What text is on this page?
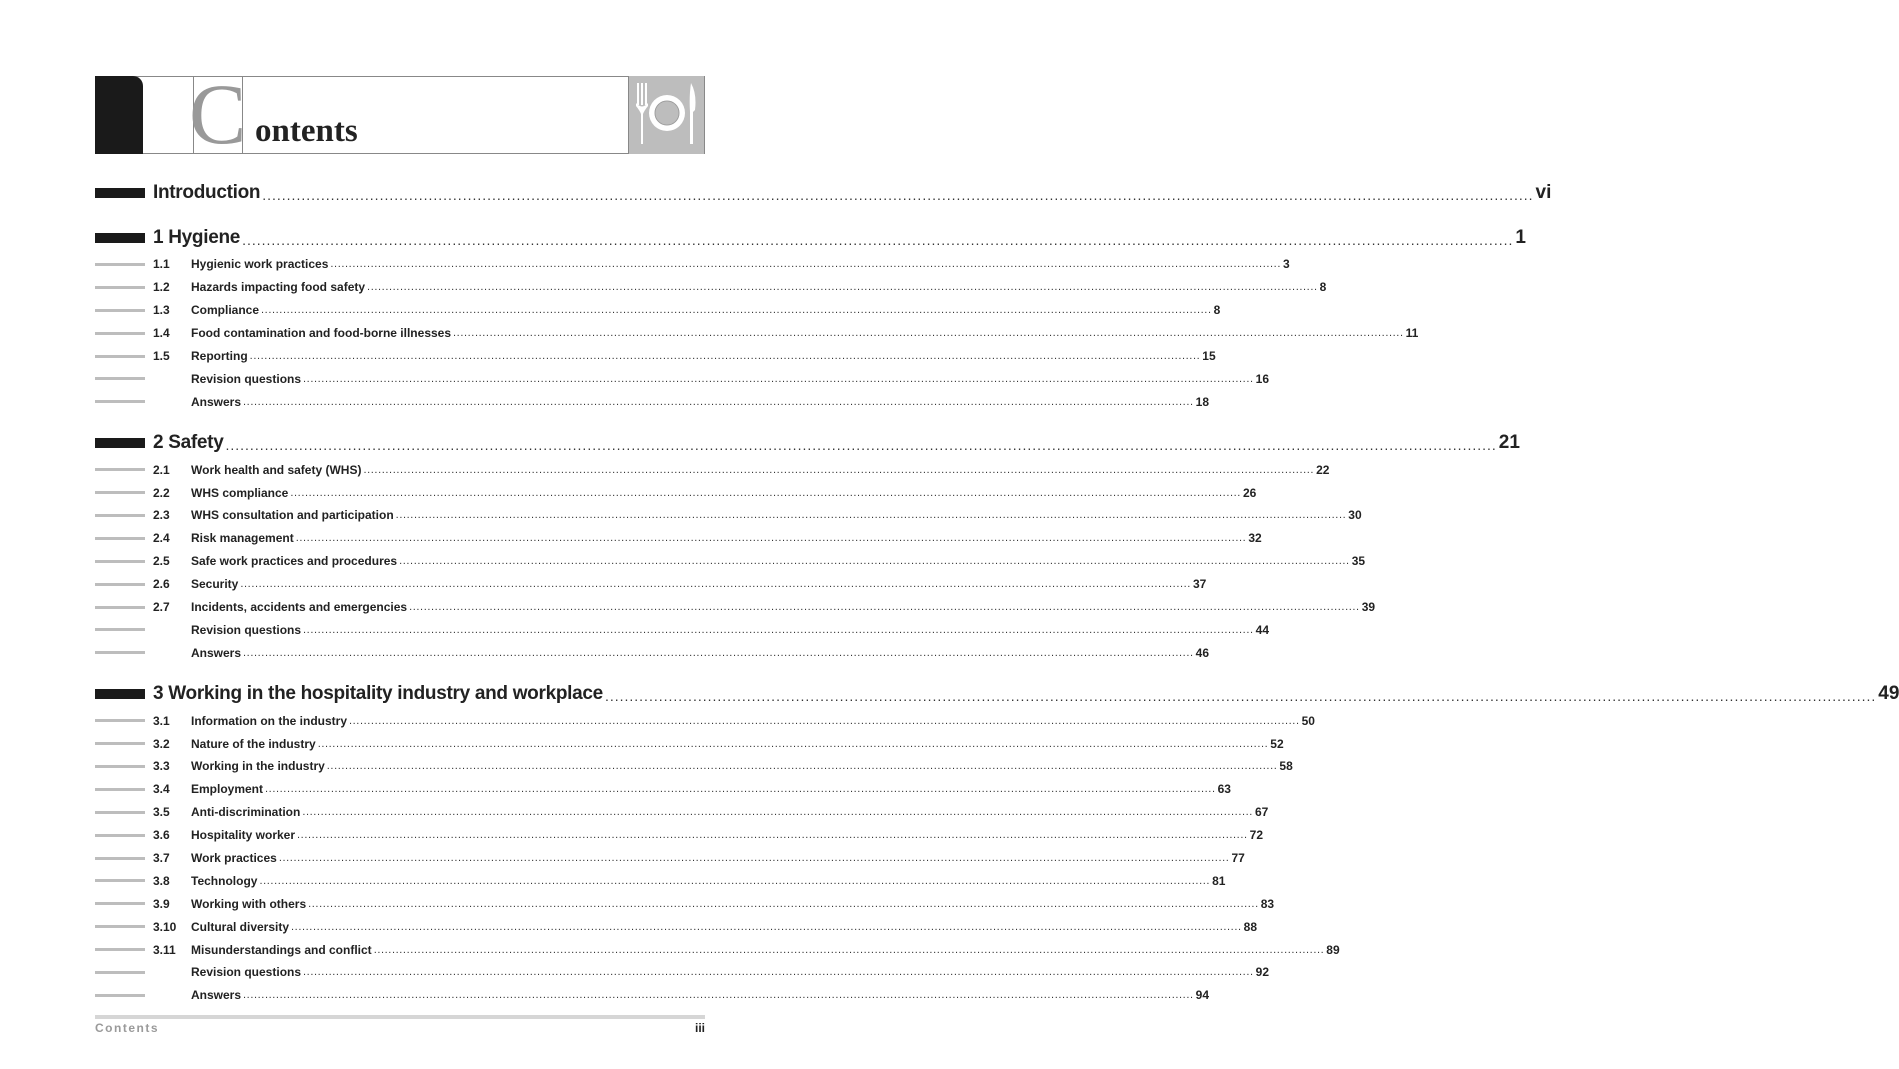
C ontents
Introduction .................................................................................................................................................................................................................................................................... vi
1 Hygiene .................................................................................................................................................................................................................................................................... 1
1.1	Hygienic work practices .................................................................................................................................................................................................................................................................... 3
1.2	Hazards impacting food safety .................................................................................................................................................................................................................................................................... 8
1.3	Compliance .................................................................................................................................................................................................................................................................... 8
1.4	Food contamination and food-borne illnesses .................................................................................................................................................................................................................................................................... 11
1.5	Reporting .................................................................................................................................................................................................................................................................... 15
Revision questions .................................................................................................................................................................................................................................................................... 16
Answers .................................................................................................................................................................................................................................................................... 18
2 Safety .................................................................................................................................................................................................................................................................... 21
2.1	Work health and safety (WHS) .................................................................................................................................................................................................................................................................... 22
2.2	WHS compliance .................................................................................................................................................................................................................................................................... 26
2.3	WHS consultation and participation .................................................................................................................................................................................................................................................................... 30
2.4	Risk management .................................................................................................................................................................................................................................................................... 32
2.5	Safe work practices and procedures .................................................................................................................................................................................................................................................................... 35
2.6	Security .................................................................................................................................................................................................................................................................... 37
2.7	Incidents, accidents and emergencies .................................................................................................................................................................................................................................................................... 39
Revision questions .................................................................................................................................................................................................................................................................... 44
Answers .................................................................................................................................................................................................................................................................... 46
3 Working in the hospitality industry and workplace .................................................................................................................................................................................................................................................................... 49
3.1	Information on the industry .................................................................................................................................................................................................................................................................... 50
3.2	Nature of the industry .................................................................................................................................................................................................................................................................... 52
3.3	Working in the industry .................................................................................................................................................................................................................................................................... 58
3.4	Employment .................................................................................................................................................................................................................................................................... 63
3.5	Anti-discrimination .................................................................................................................................................................................................................................................................... 67
3.6	Hospitality worker .................................................................................................................................................................................................................................................................... 72
3.7	Work practices .................................................................................................................................................................................................................................................................... 77
3.8	Technology .................................................................................................................................................................................................................................................................... 81
3.9	Working with others .................................................................................................................................................................................................................................................................... 83
3.10	Cultural diversity .................................................................................................................................................................................................................................................................... 88
3.11	Misunderstandings and conflict .................................................................................................................................................................................................................................................................... 89
Revision questions .................................................................................................................................................................................................................................................................... 92
Answers .................................................................................................................................................................................................................................................................... 94
Contents	iii
